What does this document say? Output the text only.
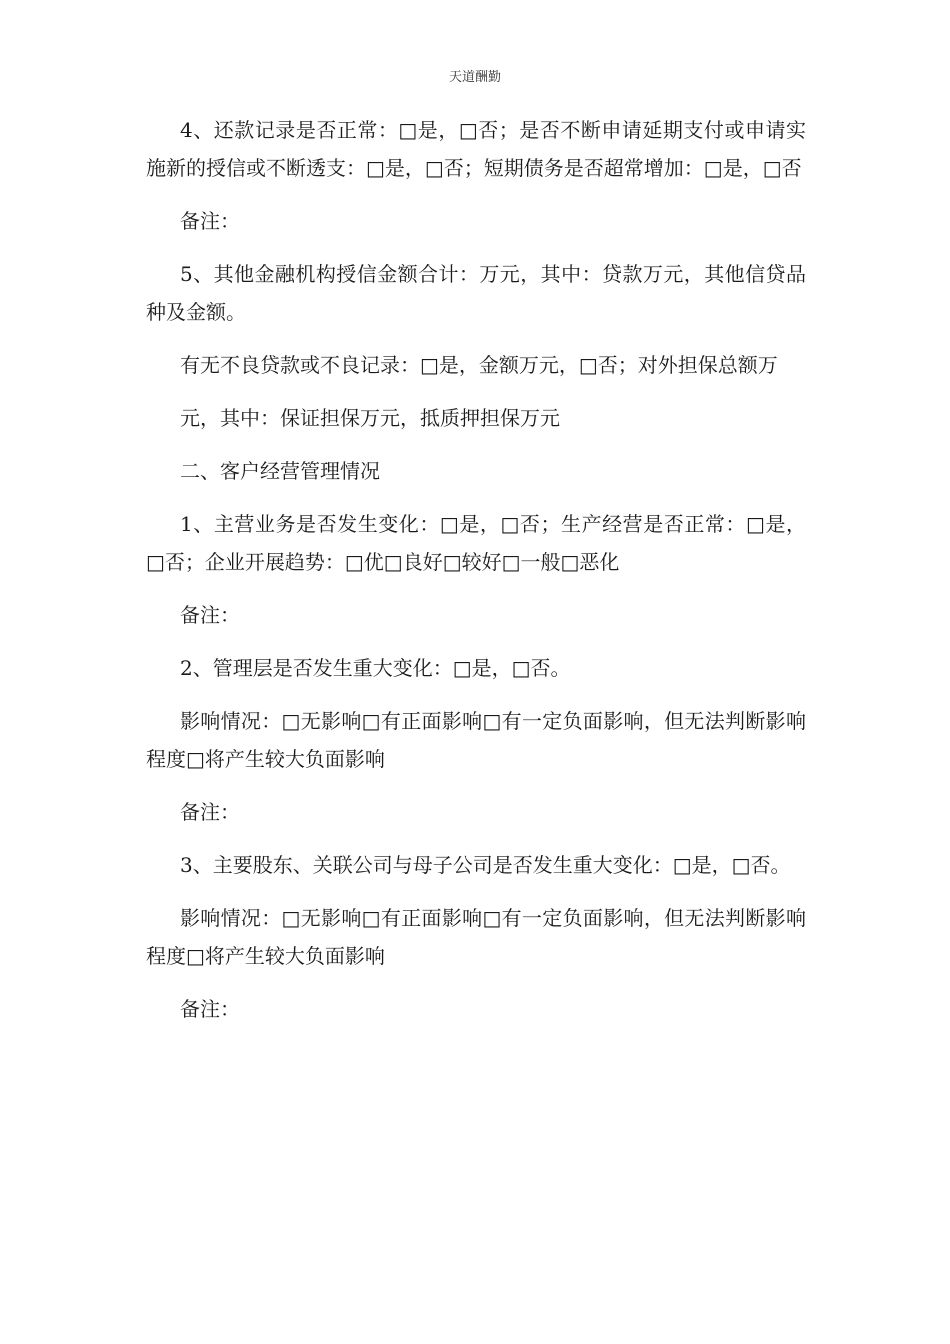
天道酬勤

4、还款记录是否正常：□是，□否；是否不断申请延期支付或申请实施新的授信或不断透支：□是，□否；短期债务是否超常增加：□是，□否

备注：

5、其他金融机构授信金额合计：万元，其中：贷款万元，其他信贷品种及金额。

有无不良贷款或不良记录：□是，金额万元，□否；对外担保总额万

元，其中：保证担保万元，抵质押担保万元

二、客户经营管理情况

1、主营业务是否发生变化：□是，□否；生产经营是否正常：□是，□否；企业开展趋势：□优□良好□较好□一般□恶化

备注：

2、管理层是否发生重大变化：□是，□否。

影响情况：□无影响□有正面影响□有一定负面影响，但无法判断影响程度□将产生较大负面影响

备注：

3、主要股东、关联公司与母子公司是否发生重大变化：□是，□否。

影响情况：□无影响□有正面影响□有一定负面影响，但无法判断影响程度□将产生较大负面影响

备注：
